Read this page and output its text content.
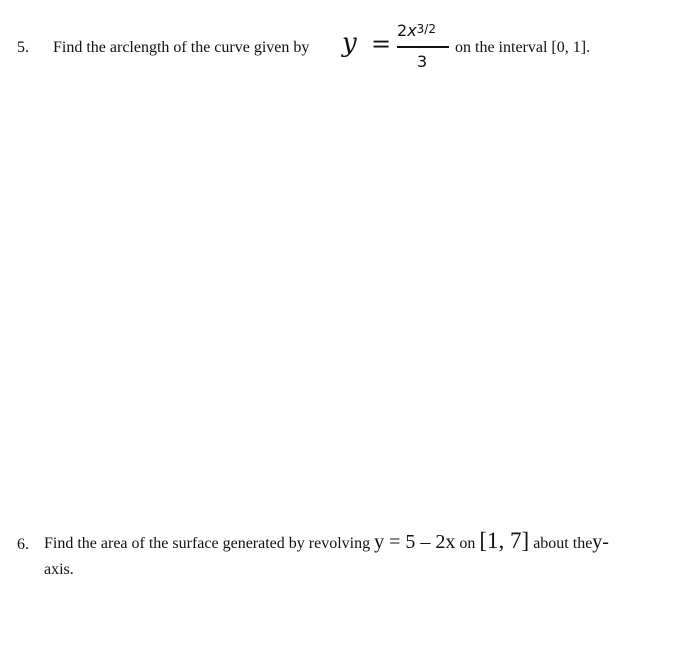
5. Find the arclength of the curve given by $y = 2x^{3/2}$
3
on the interval [0, 1].
6. Find the area of the surface generated by revolving y = 5 – 2x on [1, 7] about they-
axis.
